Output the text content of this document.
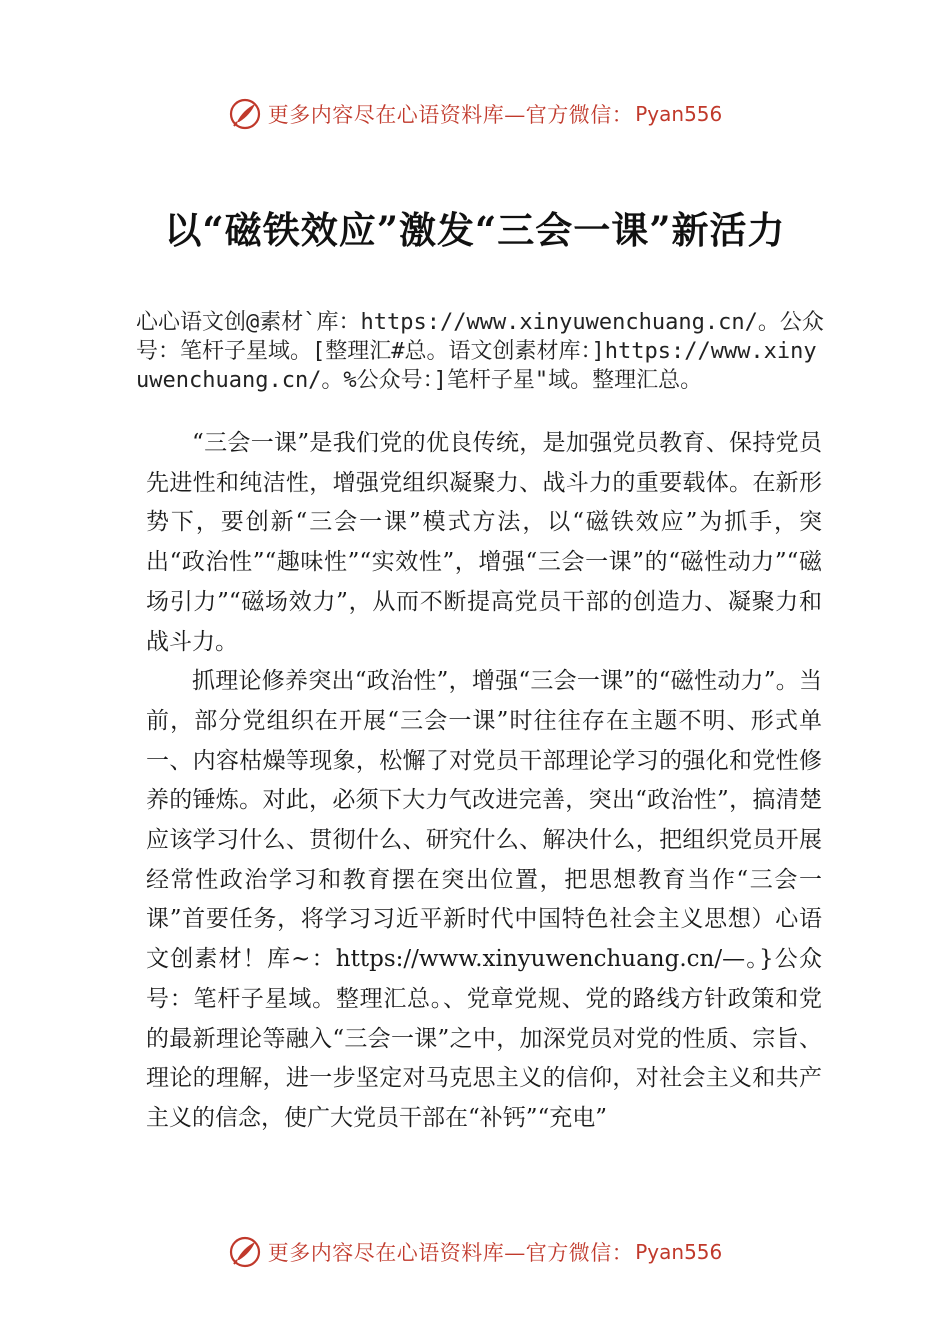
更多内容尽在心语资料库—官方微信： Pyan556
以“磁铁效应”激发“三会一课”新活力

心心语文创@素材`库：https://www.xinyuwenchuang.cn/。公众号：笔杆子星域。[整理汇#总。语文创素材库：]https://www.xinyuwenchuang.cn/。%公众号：]笔杆子星"域。整理汇总。

“三会一课”是我们党的优良传统，是加强党员教育、保持党员先进性和纯洁性，增强党组织凝聚力、战斗力的重要载体。在新形势下，要创新“三会一课”模式方法，以“磁铁效应”为抓手，突出“政治性”“趣味性”“实效性”，增强“三会一课”的“磁性动力”“磁场引力”“磁场效力”，从而不断提高党员干部的创造力、凝聚力和战斗力。

抓理论修养突出“政治性”，增强“三会一课”的“磁性动力”。当前，部分党组织在开展“三会一课”时往往存在主题不明、形式单一、内容枯燥等现象，松懈了对党员干部理论学习的强化和党性修养的锤炼。对此，必须下大力气改进完善，突出“政治性”，搞清楚应该学习什么、贯彻什么、研究什么、解决什么，把组织党员开展经常性政治学习和教育摆在突出位置，把思想教育当作“三会一课”首要任务，将学习习近平新时代中国特色社会主义思想）心语文创素材！库~：https://www.xinyuwenchuang.cn/—。}公众号：笔杆子星域。整理汇总。、党章党规、党的路线方针政策和党的最新理论等融入“三会一课”之中，加深党员对党的性质、宗旨、理论的理解，进一步坚定对马克思主义的信仰，对社会主义和共产主义的信念，使广大党员干部在“补钙”“充电”

更多内容尽在心语资料库—官方微信： Pyan556
